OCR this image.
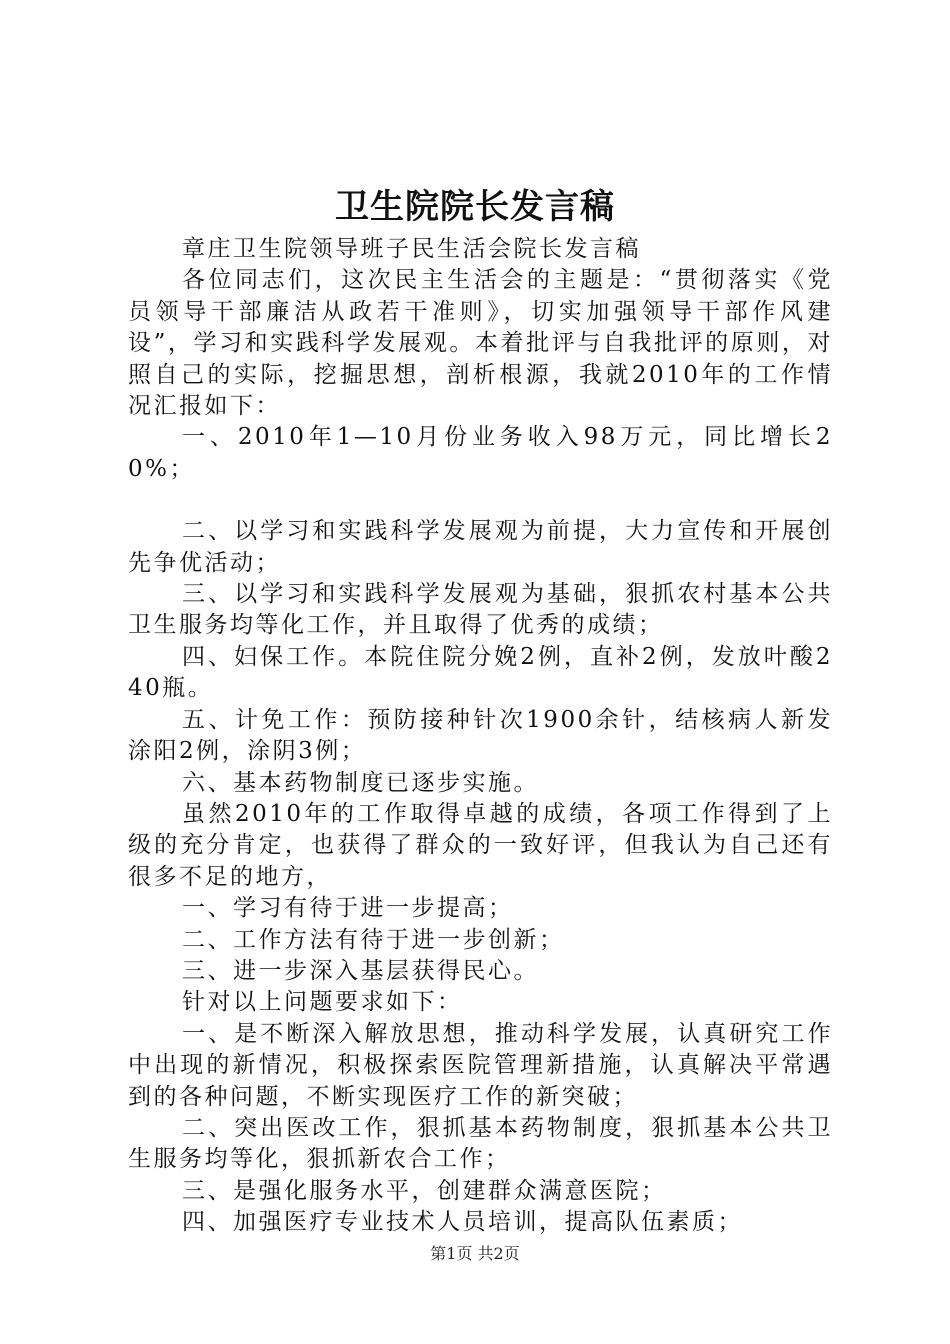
卫生院院长发言稿

章庄卫生院领导班子民生活会院长发言稿

各位同志们，这次民主生活会的主题是：“贯彻落实《党员领导干部廉洁从政若干准则》，切实加强领导干部作风建设”，学习和实践科学发展观。本着批评与自我批评的原则，对照自己的实际，挖掘思想，剖析根源，我就2010年的工作情况汇报如下：

一、2010年1—10月份业务收入98万元，同比增长20%；

二、以学习和实践科学发展观为前提，大力宣传和开展创先争优活动；

三、以学习和实践科学发展观为基础，狠抓农村基本公共卫生服务均等化工作，并且取得了优秀的成绩；

四、妇保工作。本院住院分娩2例，直补2例，发放叶酸240瓶。

五、计免工作：预防接种针次1900余针，结核病人新发涂阳2例，涂阴3例；

六、基本药物制度已逐步实施。

虽然2010年的工作取得卓越的成绩，各项工作得到了上级的充分肯定，也获得了群众的一致好评，但我认为自己还有很多不足的地方，

一、学习有待于进一步提高；

二、工作方法有待于进一步创新；

三、进一步深入基层获得民心。

针对以上问题要求如下：

一、是不断深入解放思想，推动科学发展，认真研究工作中出现的新情况，积极探索医院管理新措施，认真解决平常遇到的各种问题，不断实现医疗工作的新突破；

二、突出医改工作，狠抓基本药物制度，狠抓基本公共卫生服务均等化，狠抓新农合工作；

三、是强化服务水平，创建群众满意医院；

四、加强医疗专业技术人员培训，提高队伍素质；

第1页 共2页
